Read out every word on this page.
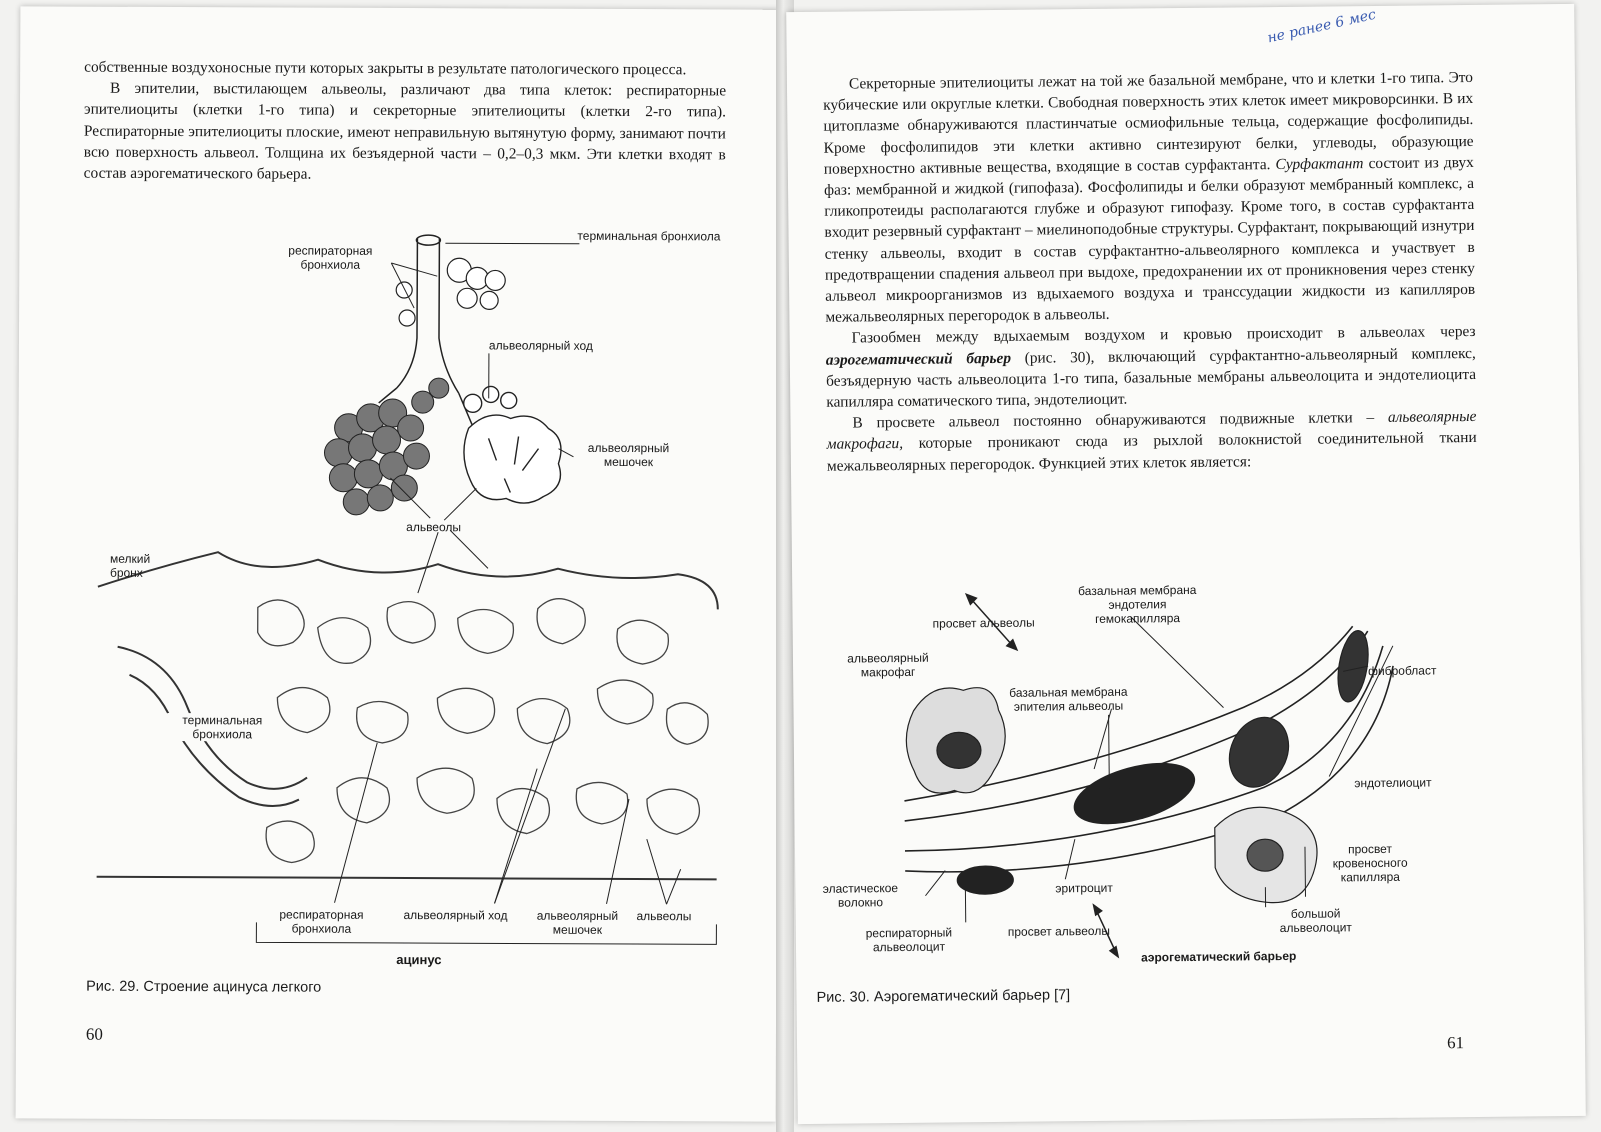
собственные воздухоносные пути которых закрыты в результате патологического процесса.

В эпителии, выстилающем альвеолы, различают два типа клеток: респираторные эпителиоциты (клетки 1-го типа) и секреторные эпителиоциты (клетки 2-го типа). Респираторные эпителиоциты плоские, имеют неправильную вытянутую форму, занимают почти всю поверхность альвеол. Толщина их безъядерной части – 0,2–0,3 мкм. Эти клетки входят в состав аэрогематического барьера.

терминальная бронхиола
респираторная бронхиола
альвеолярный ход
альвеолярный мешочек
альвеолы
мелкий бронх
терминальная бронхиола
респираторная бронхиола
альвеолярный ход	альвеолярный мешочек
альвеолы
ацинус
Рис. 29. Строение ацинуса легкого
60
не ранее 6 мес

Секреторные эпителиоциты лежат на той же базальной мембране, что и клетки 1-го типа. Это кубические или округлые клетки. Свободная поверхность этих клеток имеет микроворсинки. В их цитоплазме обнаруживаются пластинчатые осмиофильные тельца, содержащие фосфолипиды. Кроме фосфолипидов эти клетки активно синтезируют белки, углеводы, образующие поверхностно активные вещества, входящие в состав сурфактанта. Сурфактант состоит из двух фаз: мембранной и жидкой (гипофаза). Фосфолипиды и белки образуют мембранный комплекс, а гликопротеиды располагаются глубже и образуют гипофазу. Кроме того, в состав сурфактанта входит резервный сурфактант – миелиноподобные структуры. Сурфактант, покрывающий изнутри стенку альвеолы, входит в состав сурфактантно-альвеолярного комплекса и участвует в предотвращении спадения альвеол при выдохе, предохранении их от проникновения через стенку альвеол микроорганизмов из вдыхаемого воздуха и транссудации жидкости из капилляров межальвеолярных перегородок в альвеолы.

Газообмен между вдыхаемым воздухом и кровью происходит в альвеолах через аэрогематический барьер (рис. 30), включающий сурфактантно-альвеолярный комплекс, безъядерную часть альвеолоцита 1-го типа, базальные мембраны альвеолоцита и эндотелиоцита капилляра соматического типа, эндотелиоцит.

В просвете альвеол постоянно обнаруживаются подвижные клетки – альвеолярные макрофаги, которые проникают сюда из рыхлой волокнистой соединительной ткани межальвеолярных перегородок. Функцией этих клеток является:

просвет альвеолы
базальная мембрана эндотелия гемокапилляра
альвеолярный макрофаг
базальная мембрана эпителия альвеолы
фибробласт
эндотелиоцит
просвет кровеносного капилляра
эластическое волокно
эритроцит
респираторный альвеолоцит
просвет альвеолы
большой альвеолоцит
аэрогематический барьер
Рис. 30. Аэрогематический барьер [7]
61
